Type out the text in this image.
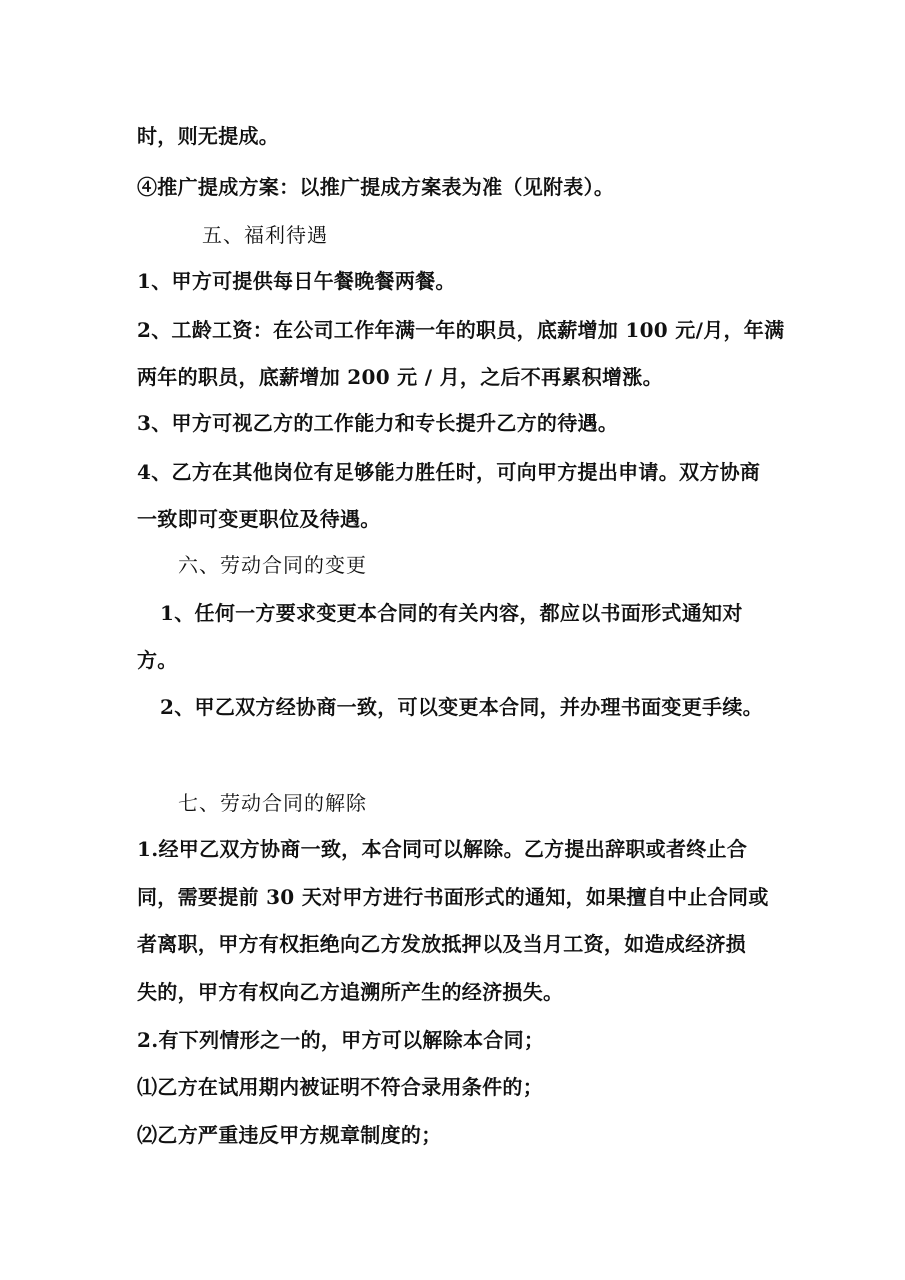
时，则无提成。
④推广提成方案：以推广提成方案表为准（见附表）。
五、福利待遇
1、甲方可提供每日午餐晚餐两餐。
2、工龄工资：在公司工作年满一年的职员，底薪增加 100 元/月，年满
两年的职员，底薪增加 200 元 / 月，之后不再累积增涨。
3、甲方可视乙方的工作能力和专长提升乙方的待遇。
4、乙方在其他岗位有足够能力胜任时，可向甲方提出申请。双方协商
一致即可变更职位及待遇。
六、劳动合同的变更
1、任何一方要求变更本合同的有关内容，都应以书面形式通知对
方。
2、甲乙双方经协商一致，可以变更本合同，并办理书面变更手续。
七、劳动合同的解除
1.经甲乙双方协商一致，本合同可以解除。乙方提出辞职或者终止合
同，需要提前 30 天对甲方进行书面形式的通知，如果擅自中止合同或
者离职，甲方有权拒绝向乙方发放抵押以及当月工资，如造成经济损
失的，甲方有权向乙方追溯所产生的经济损失。
2.有下列情形之一的，甲方可以解除本合同；
⑴乙方在试用期内被证明不符合录用条件的；
⑵乙方严重违反甲方规章制度的；
